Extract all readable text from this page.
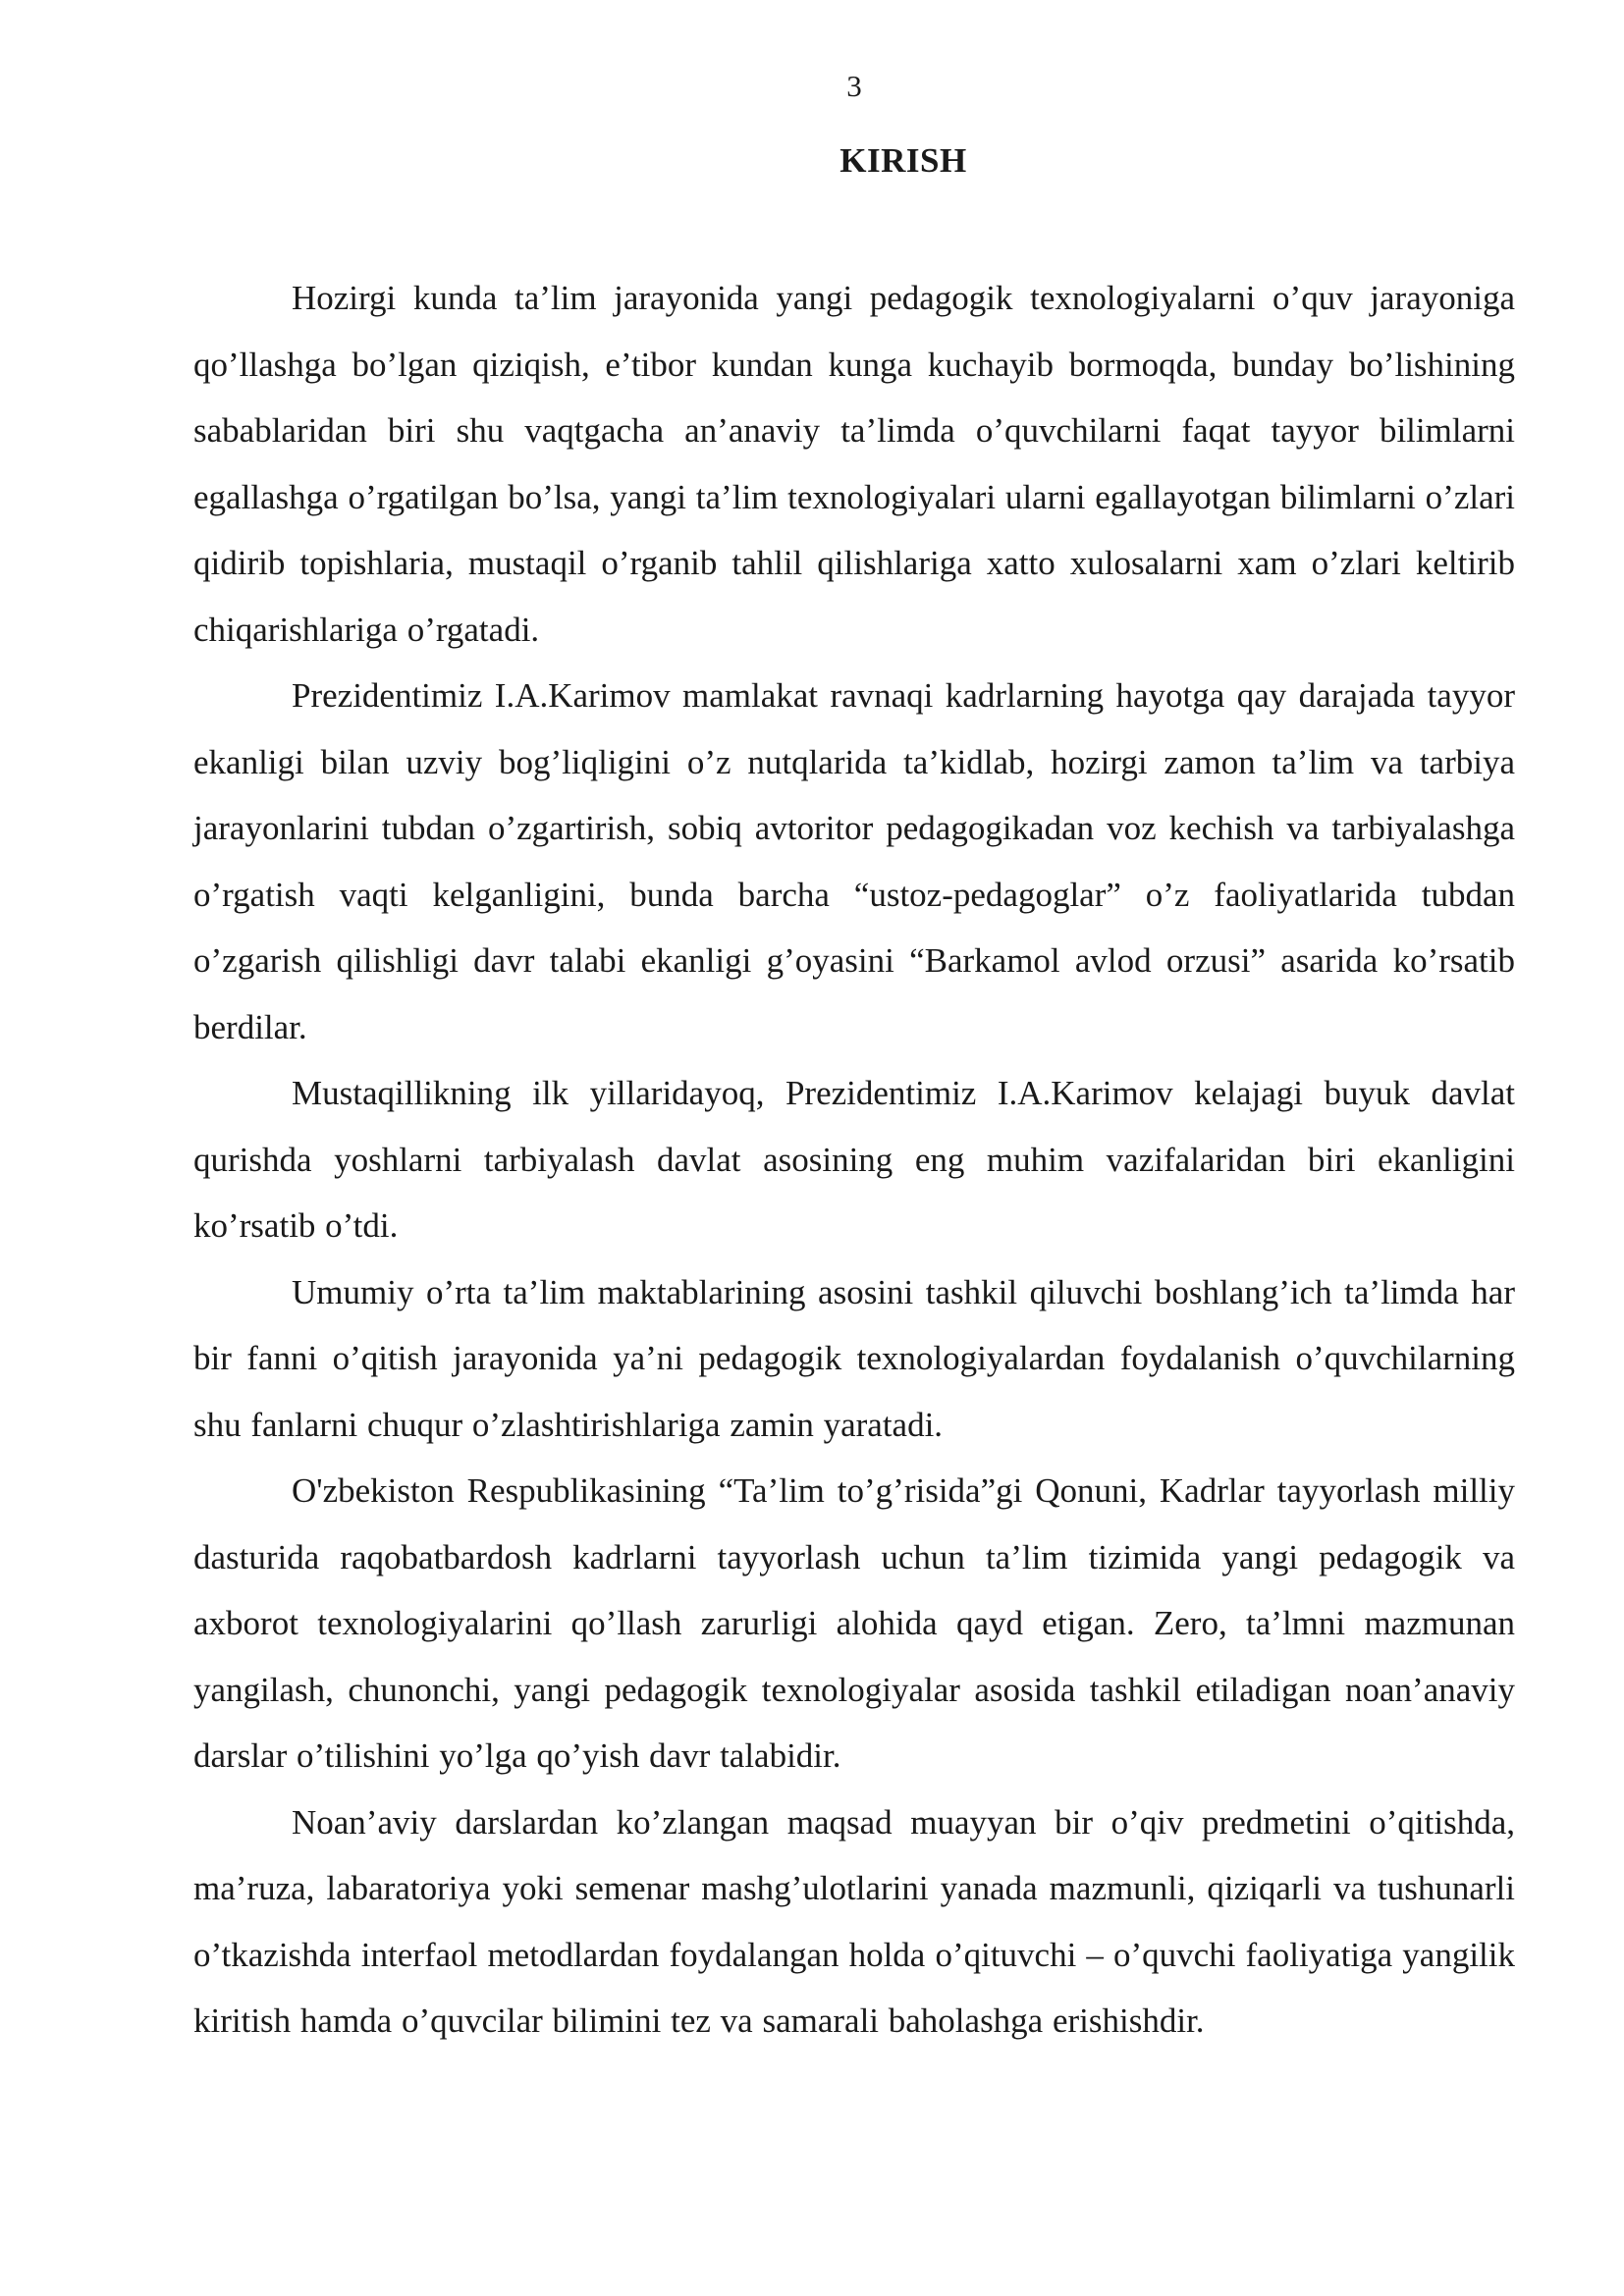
3
KIRISH

Hozirgi kunda ta’lim jarayonida yangi pedagogik texnologiyalarni o’quv jarayoniga qo’llashga bo’lgan qiziqish, e’tibor kundan kunga kuchayib bormoqda, bunday bo’lishining sabablaridan biri shu vaqtgacha an’anaviy ta’limda o’quvchilarni faqat tayyor bilimlarni egallashga o’rgatilgan bo’lsa, yangi ta’lim texnologiyalari ularni egallayotgan bilimlarni o’zlari qidirib topishlaria, mustaqil o’rganib tahlil qilishlariga xatto xulosalarni xam o’zlari keltirib chiqarishlariga o’rgatadi.

Prezidentimiz I.A.Karimov mamlakat ravnaqi kadrlarning hayotga qay darajada tayyor ekanligi bilan uzviy bog’liqligini o’z nutqlarida ta’kidlab, hozirgi zamon ta’lim va tarbiya jarayonlarini tubdan o’zgartirish, sobiq avtoritor pedagogikadan voz kechish va tarbiyalashga o’rgatish vaqti kelganligini, bunda barcha “ustoz-pedagoglar” o’z faoliyatlarida tubdan o’zgarish qilishligi davr talabi ekanligi g’oyasini “Barkamol avlod orzusi” asarida ko’rsatib berdilar.

Mustaqillikning ilk yillaridayoq, Prezidentimiz I.A.Karimov kelajagi buyuk davlat qurishda yoshlarni tarbiyalash davlat asosining eng muhim vazifalaridan biri ekanligini ko’rsatib o’tdi.

Umumiy o’rta ta’lim maktablarining asosini tashkil qiluvchi boshlang’ich ta’limda har bir fanni o’qitish jarayonida ya’ni pedagogik texnologiyalardan foydalanish o’quvchilarning shu fanlarni chuqur o’zlashtirishlariga zamin yaratadi.

O'zbekiston Respublikasining “Ta’lim to’g’risida”gi Qonuni, Kadrlar tayyorlash milliy dasturida raqobatbardosh kadrlarni tayyorlash uchun ta’lim tizimida yangi pedagogik va axborot texnologiyalarini qo’llash zarurligi alohida qayd etigan. Zero, ta’lmni mazmunan yangilash, chunonchi, yangi pedagogik texnologiyalar asosida tashkil etiladigan noan’anaviy darslar o’tilishini yo’lga qo’yish davr talabidir.

Noan’aviy darslardan ko’zlangan maqsad muayyan bir o’qiv predmetini o’qitishda, ma’ruza, labaratoriya yoki semenar mashg’ulotlarini yanada mazmunli, qiziqarli va tushunarli o’tkazishda interfaol metodlardan foydalangan holda o’qituvchi – o’quvchi faoliyatiga yangilik kiritish hamda o’quvcilar bilimini tez va samarali baholashga erishishdir.
